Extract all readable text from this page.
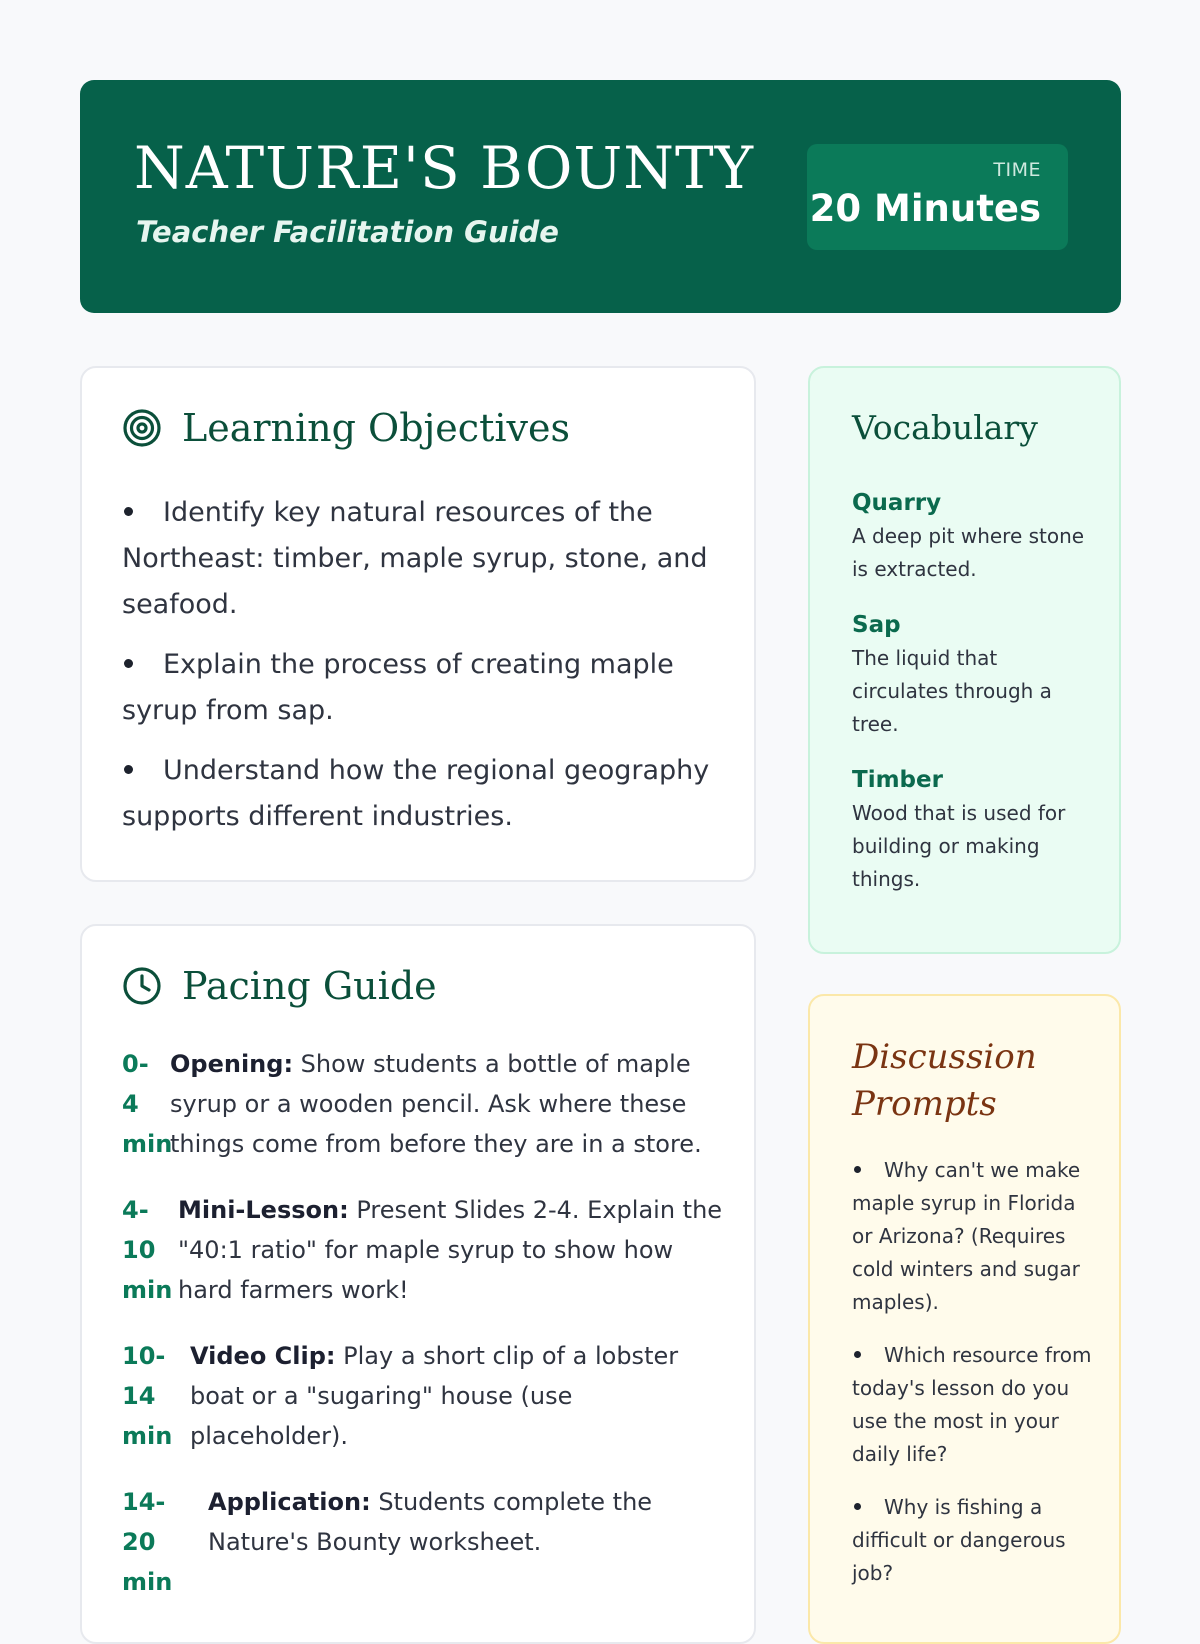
NATURE'S BOUNTY
Teacher Facilitation Guide
TIME
20 Minutes
Learning Objectives
Identify key natural resources of the Northeast: timber, maple syrup, stone, and seafood.
Explain the process of creating maple syrup from sap.
Understand how the regional geography supports different industries.
Pacing Guide
0-4 min
Opening: Show students a bottle of maple syrup or a wooden pencil. Ask where these things come from before they are in a store.
4-10 min
Mini-Lesson: Present Slides 2-4. Explain the "40:1 ratio" for maple syrup to show how hard farmers work!
10-14 min
Video Clip: Play a short clip of a lobster boat or a "sugaring" house (use placeholder).
14-20 min
Application: Students complete the Nature's Bounty worksheet.
Vocabulary
Quarry
A deep pit where stone is extracted.
Sap
The liquid that circulates through a tree.
Timber
Wood that is used for building or making things.
Discussion Prompts
Why can't we make maple syrup in Florida or Arizona? (Requires cold winters and sugar maples).
Which resource from today's lesson do you use the most in your daily life?
Why is fishing a difficult or dangerous job?
